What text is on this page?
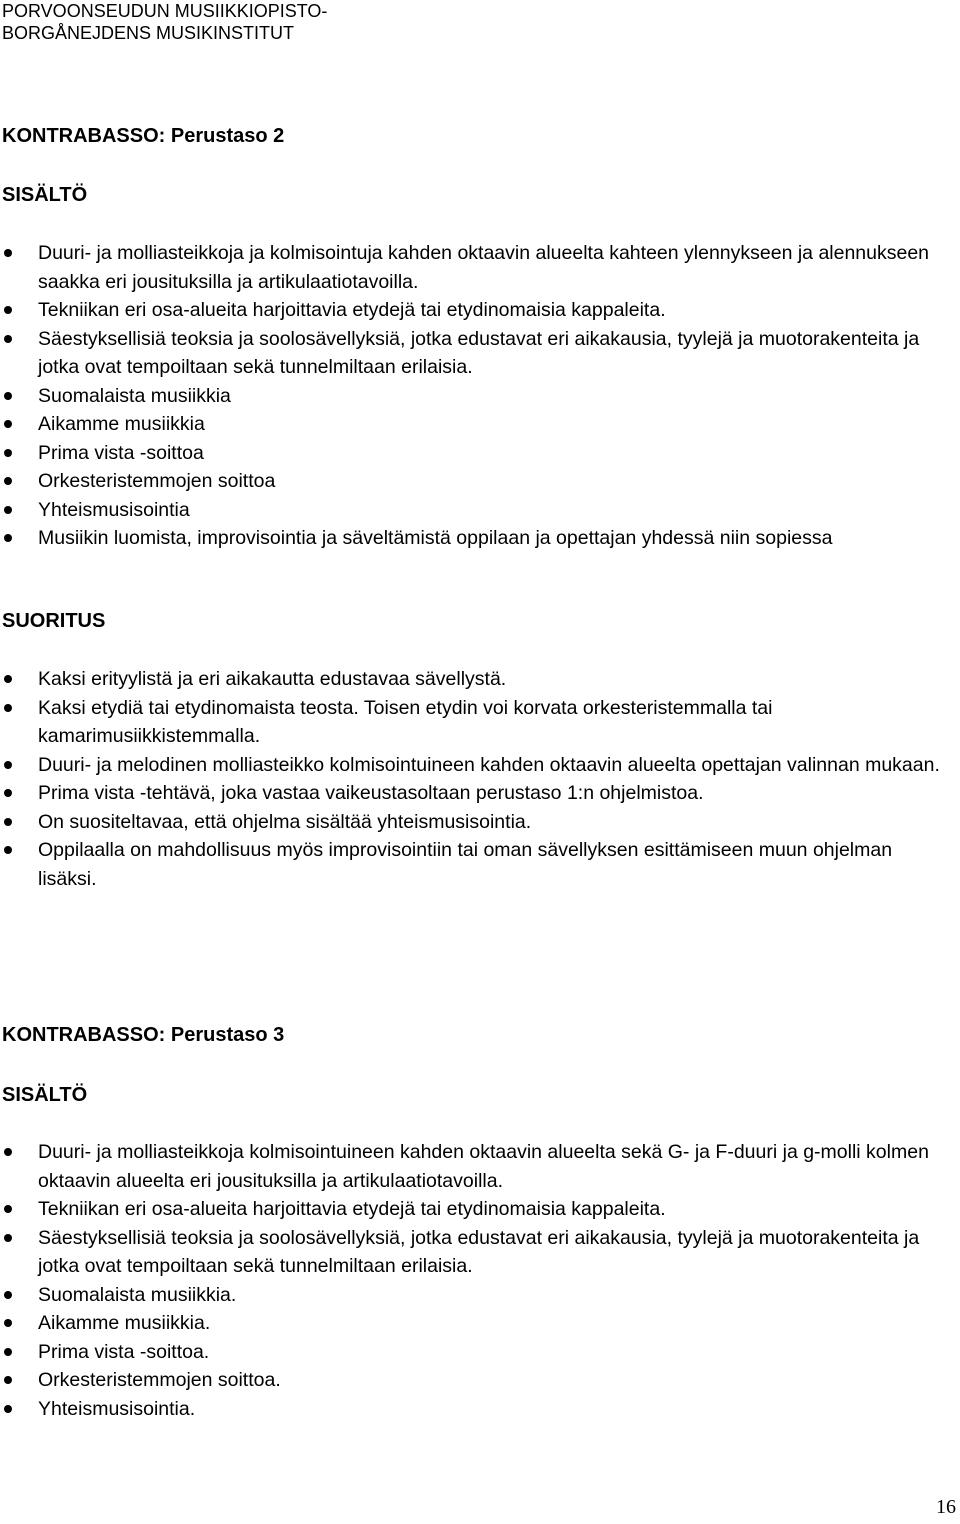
PORVOONSEUDUN MUSIIKKIOPISTO-
BORGÅNEJDENS MUSIKINSTITUT
KONTRABASSO: Perustaso 2
SISÄLTÖ
Duuri- ja molliasteikkoja ja kolmisointuja kahden oktaavin alueelta kahteen ylennykseen ja alennukseen saakka eri jousituksilla ja artikulaatiotavoilla.
Tekniikan eri osa-alueita harjoittavia etydejä tai etydinomaisia kappaleita.
Säestyksellisiä teoksia ja soolosävellyksiä, jotka edustavat eri aikakausia, tyylejä ja muotorakenteita ja jotka ovat tempoiltaan sekä tunnelmiltaan erilaisia.
Suomalaista musiikkia
Aikamme musiikkia
Prima vista -soittoa
Orkesteristemmojen soittoa
Yhteismusisointia
Musiikin luomista, improvisointia ja säveltämistä oppilaan ja opettajan yhdessä niin sopiessa
SUORITUS
Kaksi erityylistä ja eri aikakautta edustavaa sävellystä.
Kaksi etydiä tai etydinomaista teosta. Toisen etydin voi korvata orkesteristemmalla tai kamarimusiikkistemmalla.
Duuri- ja melodinen molliasteikko kolmisointuineen kahden oktaavin alueelta opettajan valinnan mukaan.
Prima vista -tehtävä, joka vastaa vaikeustasoltaan perustaso 1:n ohjelmistoa.
On suositeltavaa, että ohjelma sisältää yhteismusisointia.
Oppilaalla on mahdollisuus myös improvisointiin tai oman sävellyksen esittämiseen muun ohjelman lisäksi.
KONTRABASSO: Perustaso 3
SISÄLTÖ
Duuri- ja molliasteikkoja kolmisointuineen kahden oktaavin alueelta sekä G- ja F-duuri ja g-molli kolmen oktaavin alueelta eri jousituksilla ja artikulaatiotavoilla.
Tekniikan eri osa-alueita harjoittavia etydejä tai etydinomaisia kappaleita.
Säestyksellisiä teoksia ja soolosävellyksiä, jotka edustavat eri aikakausia, tyylejä ja muotorakenteita ja jotka ovat tempoiltaan sekä tunnelmiltaan erilaisia.
Suomalaista musiikkia.
Aikamme musiikkia.
Prima vista -soittoa.
Orkesteristemmojen soittoa.
Yhteismusisointia.
16
